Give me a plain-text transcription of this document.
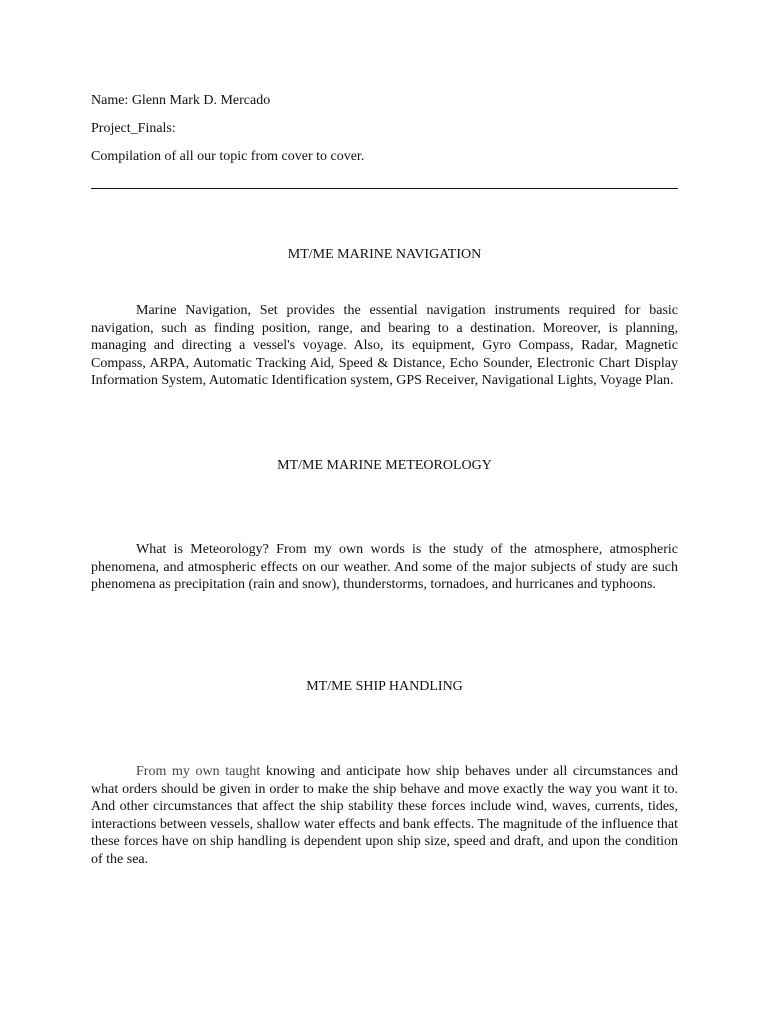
Name: Glenn Mark D. Mercado
Project_Finals:
Compilation of all our topic from cover to cover.
MT/ME MARINE NAVIGATION

Marine Navigation, Set provides the essential navigation instruments required for basic navigation, such as finding position, range, and bearing to a destination. Moreover, is planning, managing and directing a vessel's voyage. Also, its equipment, Gyro Compass, Radar, Magnetic Compass, ARPA, Automatic Tracking Aid, Speed & Distance, Echo Sounder, Electronic Chart Display Information System, Automatic Identification system, GPS Receiver, Navigational Lights, Voyage Plan.

MT/ME MARINE METEOROLOGY

What is Meteorology? From my own words is the study of the atmosphere, atmospheric phenomena, and atmospheric effects on our weather. And some of the major subjects of study are such phenomena as precipitation (rain and snow), thunderstorms, tornadoes, and hurricanes and typhoons.

MT/ME SHIP HANDLING

From my own taught knowing and anticipate how ship behaves under all circumstances and what orders should be given in order to make the ship behave and move exactly the way you want it to. And other circumstances that affect the ship stability these forces include wind, waves, currents, tides, interactions between vessels, shallow water effects and bank effects. The magnitude of the influence that these forces have on ship handling is dependent upon ship size, speed and draft, and upon the condition of the sea.
